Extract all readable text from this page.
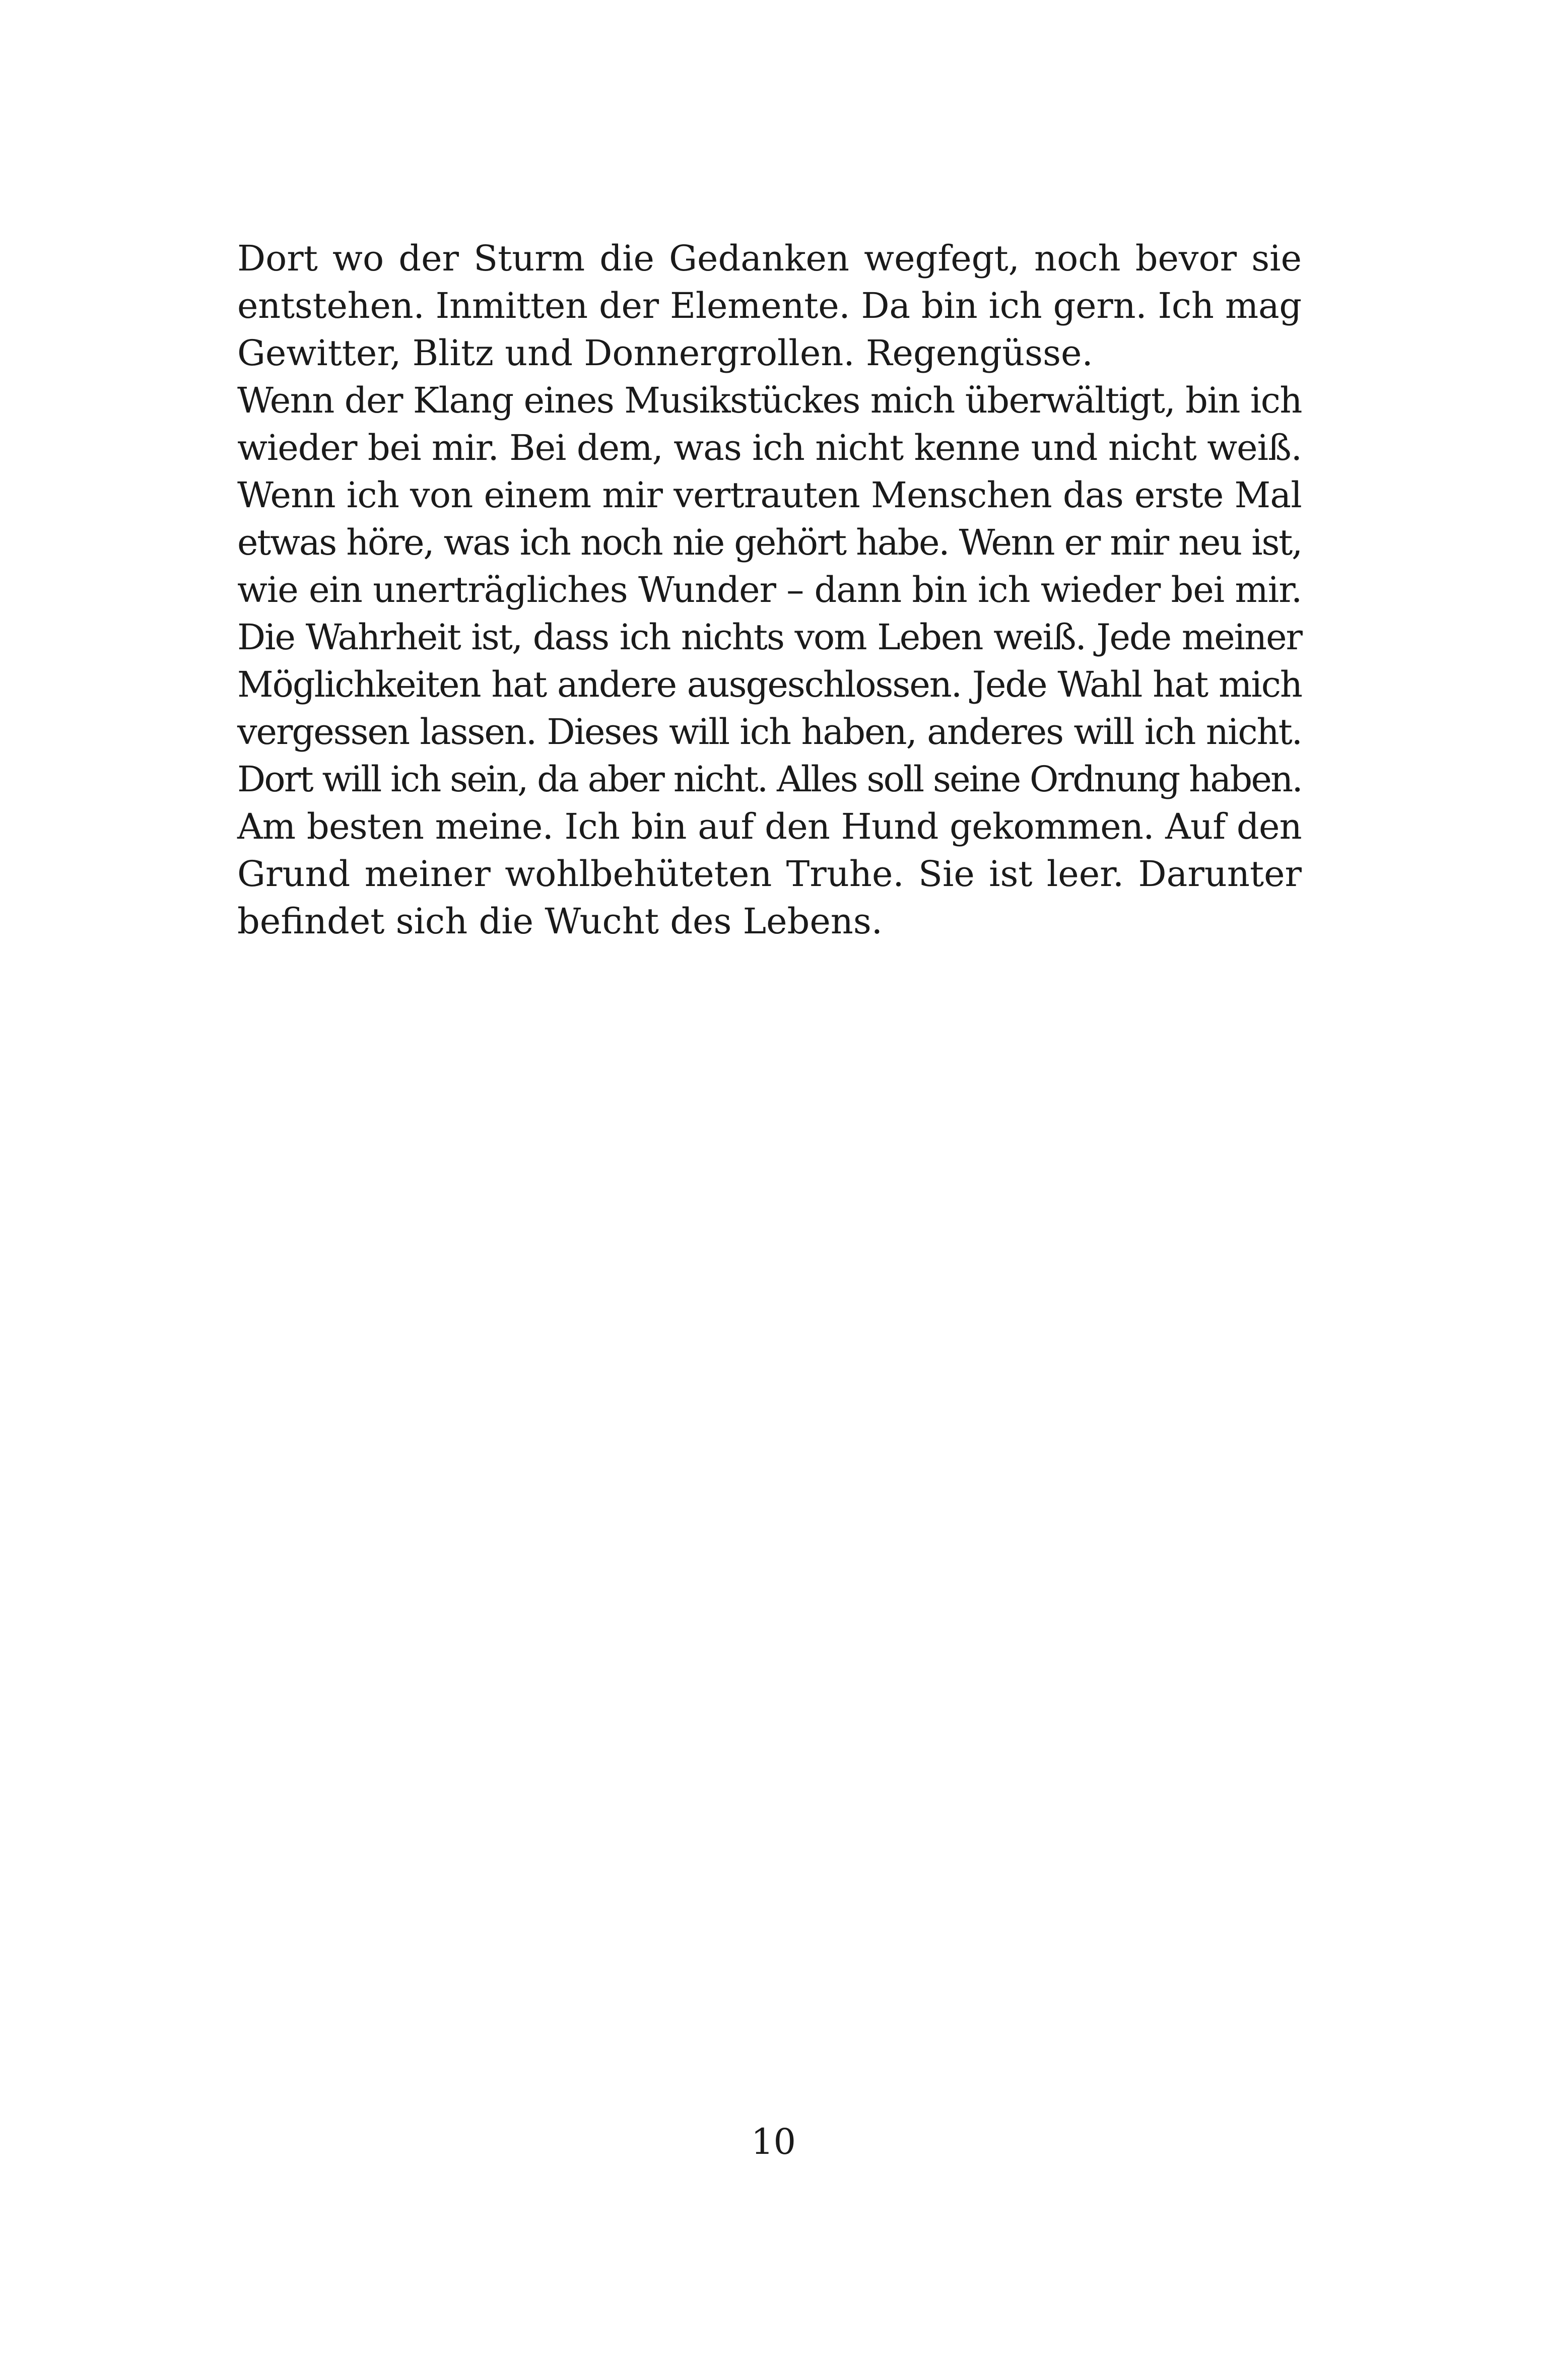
Dort wo der Sturm die Gedanken wegfegt, noch bevor sie
entstehen. Inmitten der Elemente. Da bin ich gern. Ich mag
Gewitter, Blitz und Donnergrollen. Regengüsse.
Wenn der Klang eines Musikstückes mich überwältigt, bin ich
wieder bei mir. Bei dem, was ich nicht kenne und nicht weiß.
Wenn ich von einem mir vertrauten Menschen das erste Mal
etwas höre, was ich noch nie gehört habe. Wenn er mir neu ist,
wie ein unerträgliches Wunder – dann bin ich wieder bei mir.
Die Wahrheit ist, dass ich nichts vom Leben weiß. Jede meiner
Möglichkeiten hat andere ausgeschlossen. Jede Wahl hat mich
vergessen lassen. Dieses will ich haben, anderes will ich nicht.
Dort will ich sein, da aber nicht. Alles soll seine Ordnung haben.
Am besten meine. Ich bin auf den Hund gekommen. Auf den
Grund meiner wohlbehüteten Truhe. Sie ist leer. Darunter
befindet sich die Wucht des Lebens.
10
